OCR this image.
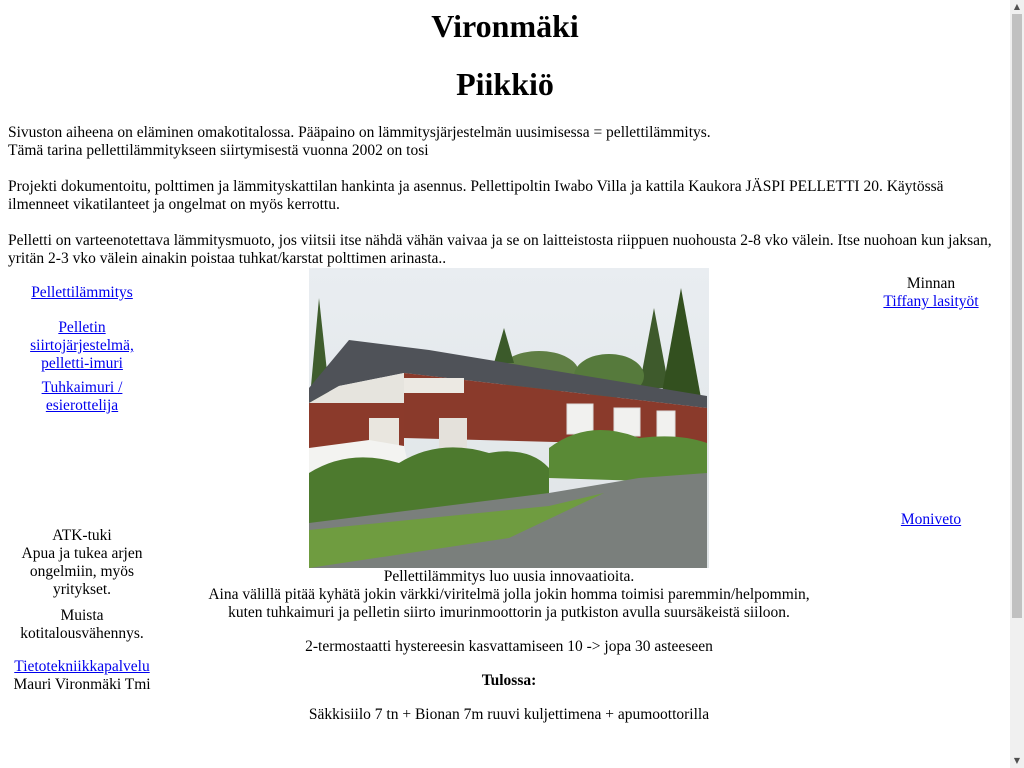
Vironmäki
Piikkiö

Sivuston aiheena on eläminen omakotitalossa. Pääpaino on lämmitysjärjestelmän uusimisessa = pellettilämmitys.
Tämä tarina pellettilämmitykseen siirtymisestä vuonna 2002 on tosi

Projekti dokumentoitu, polttimen ja lämmityskattilan hankinta ja asennus. Pellettipoltin Iwabo Villa ja kattila Kaukora JÄSPI PELLETTI 20. Käytössä ilmenneet vikatilanteet ja ongelmat on myös kerrottu.

Pelletti on varteenotettava lämmitysmuoto, jos viitsii itse nähdä vähän vaivaa ja se on laitteistosta riippuen nuohousta 2-8 vko välein. Itse nuohoan kun jaksan, yritän 2-3 vko välein ainakin poistaa tuhkat/karstat polttimen arinasta..

Pellettilämmitys
Pelletin siirtojärjestelmä, pelletti-imuri
Tuhkaimuri / esierottelija
ATK-tuki
Apua ja tukea arjen ongelmiin, myös yritykset.
Muista kotitalousvähennys.
Tietotekniikkapalvelu
Mauri Vironmäki Tmi
Minnan
Tiffany lasityöt
Moniveto
Pellettilämmitys luo uusia innovaatioita.
Aina välillä pitää kyhätä jokin värkki/viritelmä jolla jokin homma toimisi paremmin/helpommin, kuten tuhkaimuri ja pelletin siirto imurinmoottorin ja putkiston avulla suursäkeistä siiloon.
2-termostaatti hystereesin kasvattamiseen 10 -> jopa 30 asteeseen
Tulossa:
Säkkisiilo 7 tn + Bionan 7m ruuvi kuljettimena + apumoottorilla
▲
▼
